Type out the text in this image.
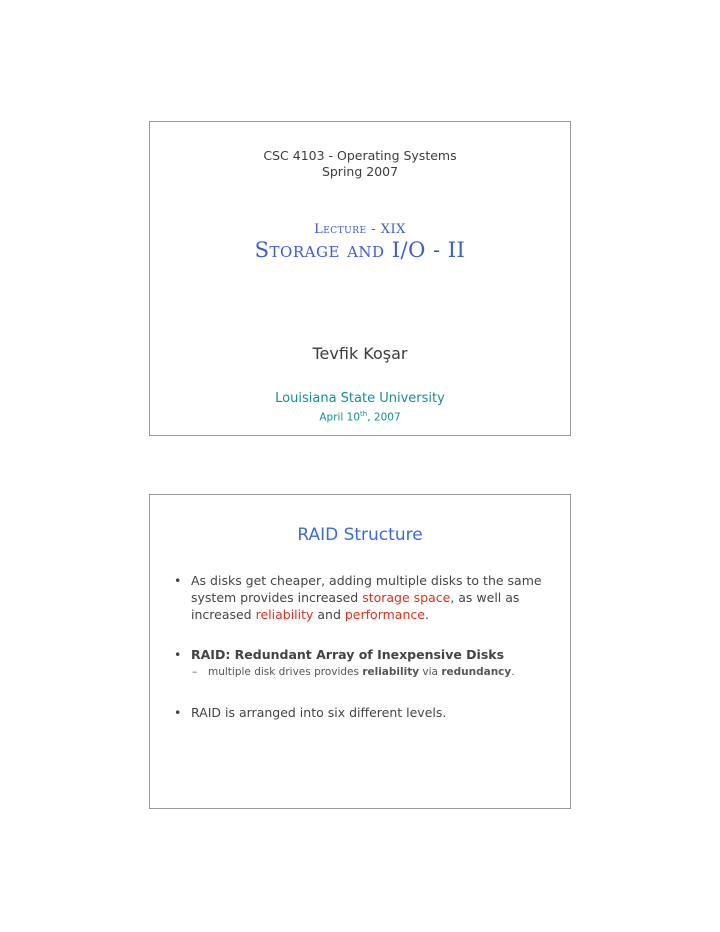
CSC 4103 - Operating Systems
Spring 2007
Lecture - XIX
Storage and I/O - II
Tevfik Koşar
Louisiana State University
April 10th, 2007
RAID Structure
• As disks get cheaper, adding multiple disks to the same system provides increased storage space, as well as increased reliability and performance.
• RAID: Redundant Array of Inexpensive Disks
–	multiple disk drives provides reliability via redundancy.
• RAID is arranged into six different levels.
